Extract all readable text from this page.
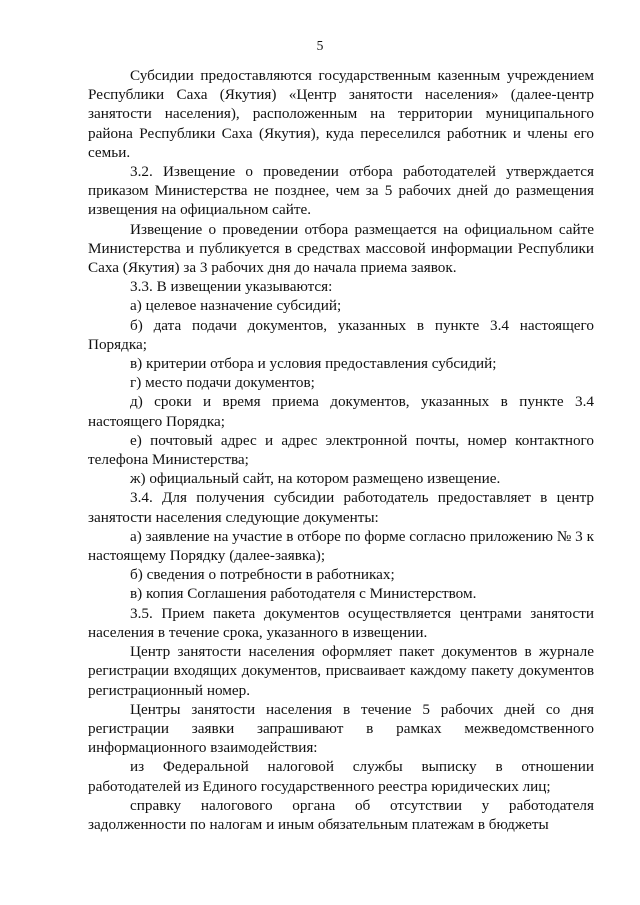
5

Субсидии предоставляются государственным казенным учреждением Республики Саха (Якутия) «Центр занятости населения» (далее-центр занятости населения), расположенным на территории муниципального района Республики Саха (Якутия), куда переселился работник и члены его семьи.

3.2. Извещение о проведении отбора работодателей утверждается приказом Министерства не позднее, чем за 5 рабочих дней до размещения извещения на официальном сайте.

Извещение о проведении отбора размещается на официальном сайте Министерства и публикуется в средствах массовой информации Республики Саха (Якутия) за 3 рабочих дня до начала приема заявок.

3.3. В извещении указываются:

а) целевое назначение субсидий;

б) дата подачи документов, указанных в пункте 3.4 настоящего Порядка;

в) критерии отбора и условия предоставления субсидий;

г) место подачи документов;

д) сроки и время приема документов, указанных в пункте 3.4 настоящего Порядка;

е) почтовый адрес и адрес электронной почты, номер контактного телефона Министерства;

ж) официальный сайт, на котором размещено извещение.

3.4. Для получения субсидии работодатель предоставляет в центр занятости населения следующие документы:

а) заявление на участие в отборе по форме согласно приложению № 3 к настоящему Порядку (далее-заявка);

б) сведения о потребности в работниках;

в) копия Соглашения работодателя с Министерством.

3.5. Прием пакета документов осуществляется центрами занятости населения в течение срока, указанного в извещении.

Центр занятости населения оформляет пакет документов в журнале регистрации входящих документов, присваивает каждому пакету документов регистрационный номер.

Центры занятости населения в течение 5 рабочих дней со дня регистрации заявки запрашивают в рамках межведомственного информационного взаимодействия:

из Федеральной налоговой службы выписку в отношении работодателей из Единого государственного реестра юридических лиц;

справку налогового органа об отсутствии у работодателя задолженности по налогам и иным обязательным платежам в бюджеты
